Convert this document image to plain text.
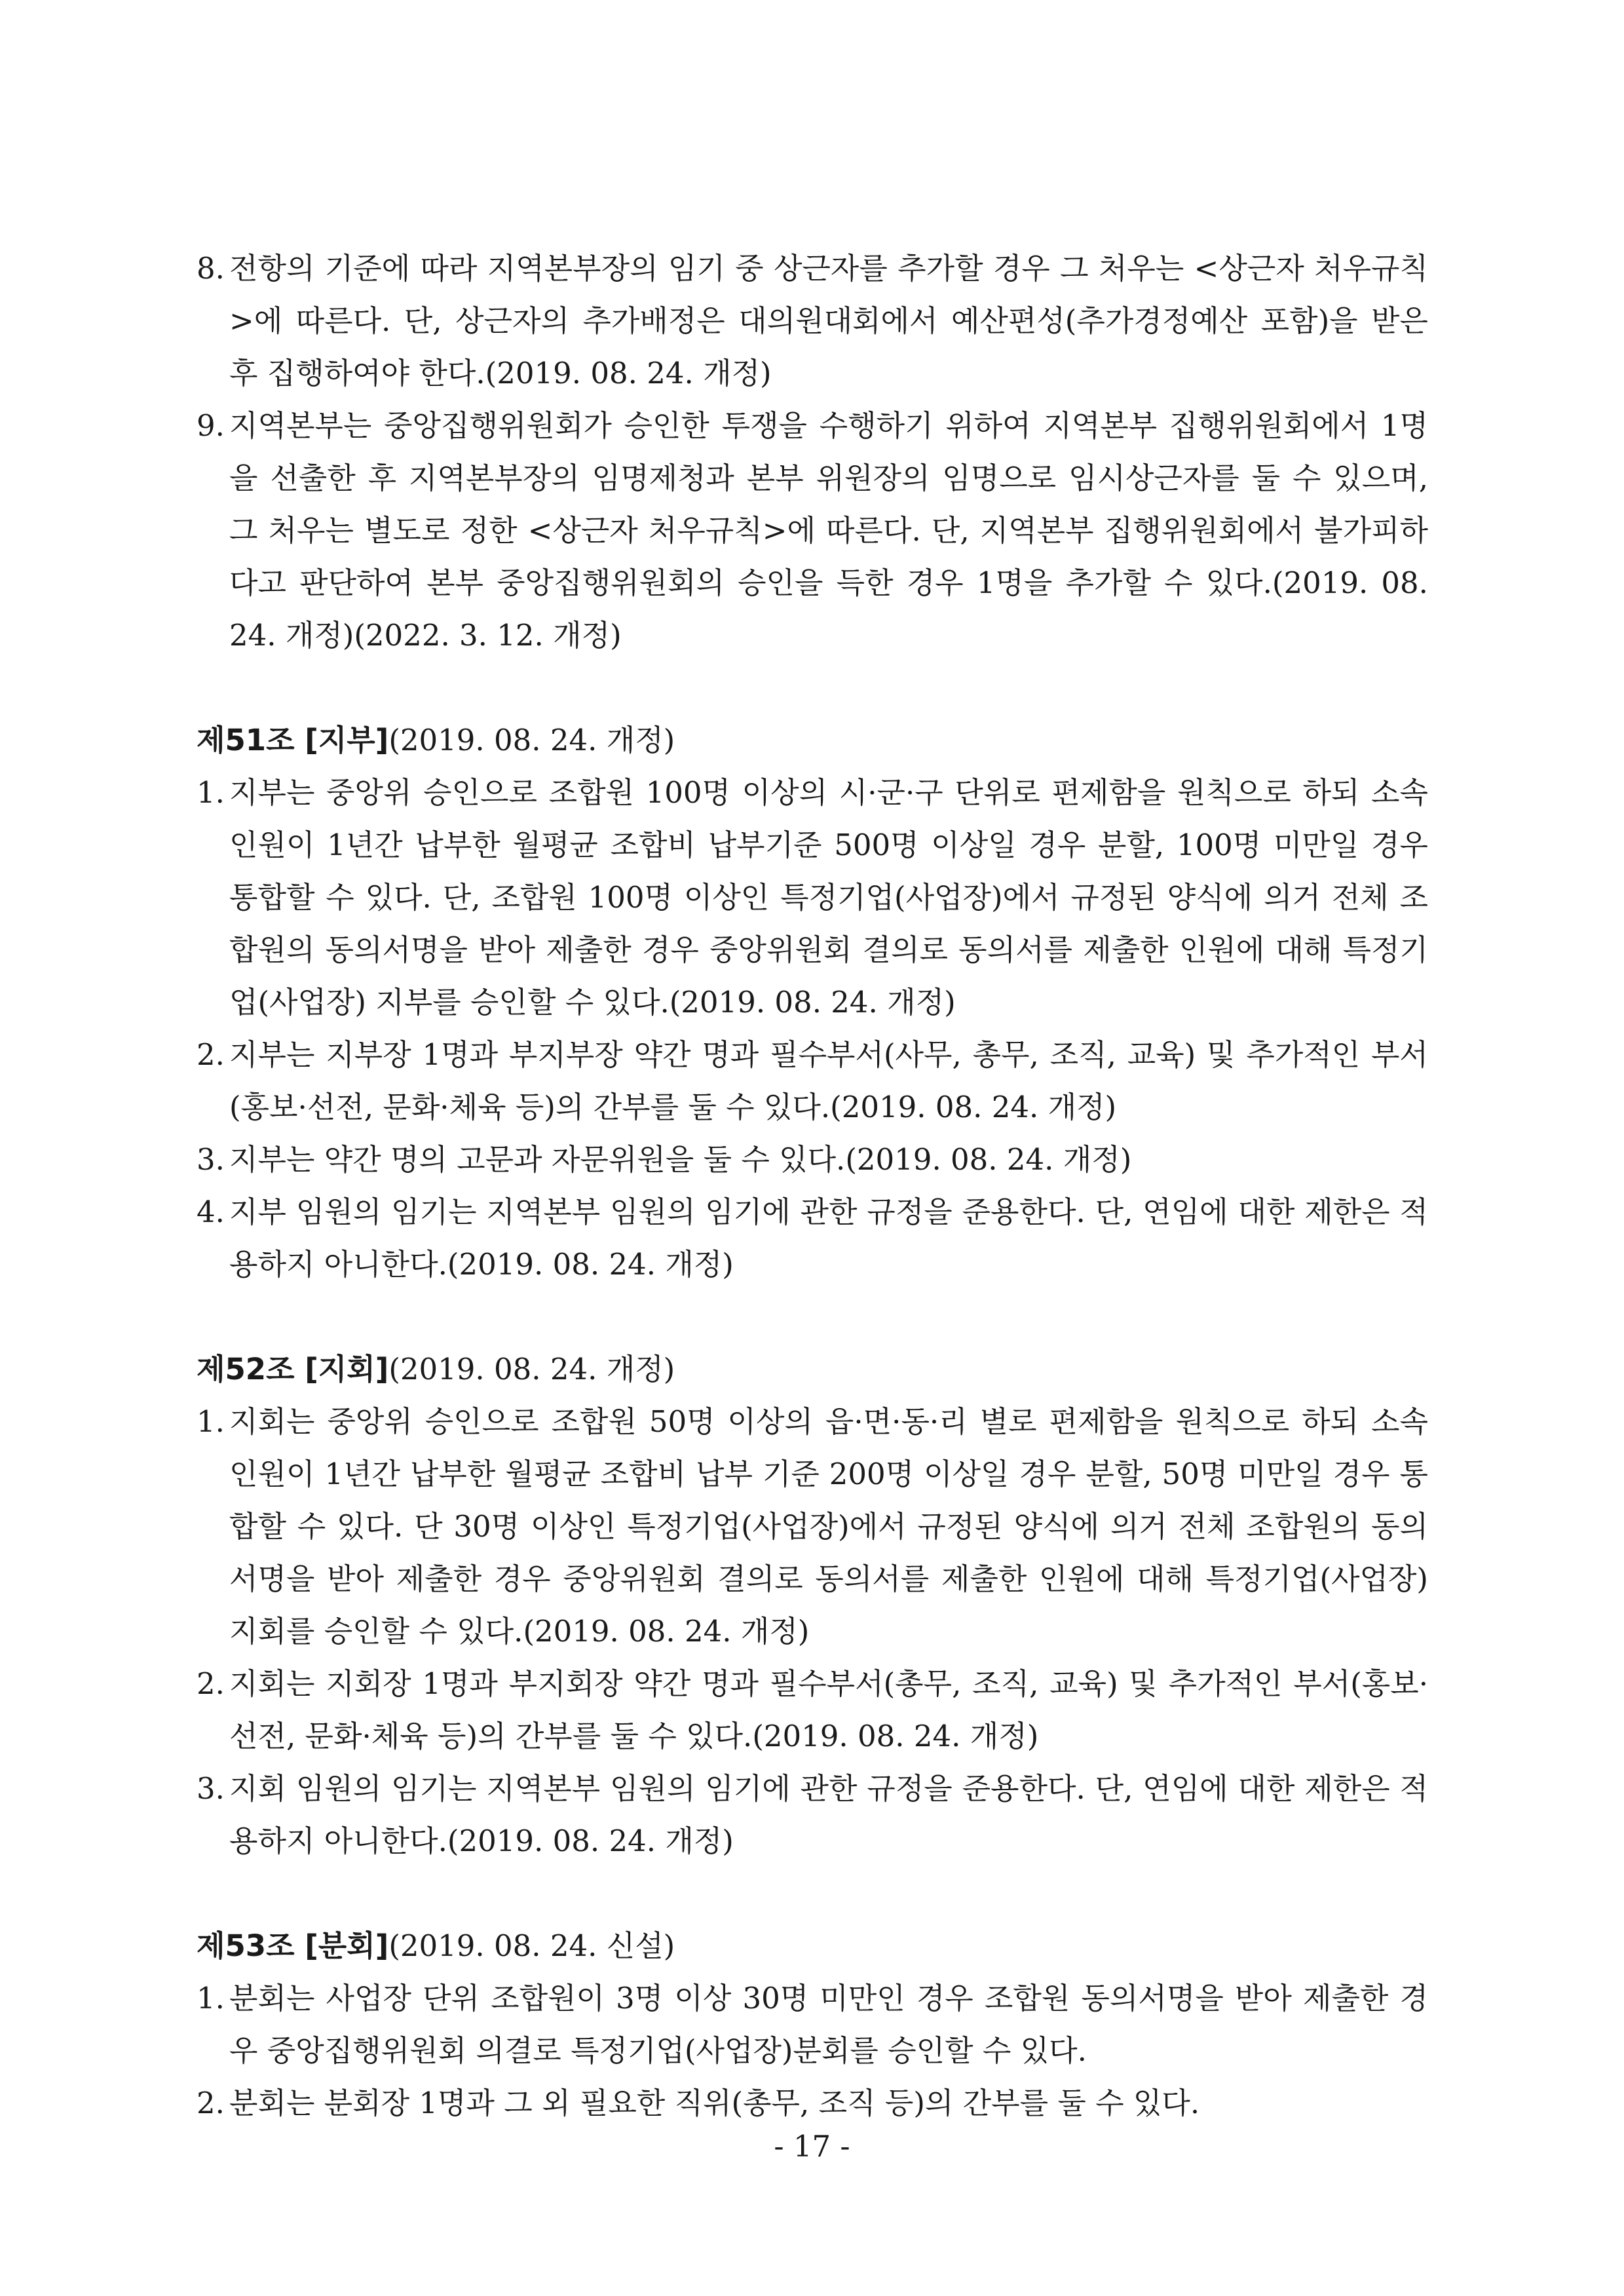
8. 전항의 기준에 따라 지역본부장의 임기 중 상근자를 추가할 경우 그 처우는 <상근자 처우규칙>에 따른다. 단, 상근자의 추가배정은 대의원대회에서 예산편성(추가경정예산 포함)을 받은 후 집행하여야 한다.(2019. 08. 24. 개정)
9. 지역본부는 중앙집행위원회가 승인한 투쟁을 수행하기 위하여 지역본부 집행위원회에서 1명을 선출한 후 지역본부장의 임명제청과 본부 위원장의 임명으로 임시상근자를 둘 수 있으며, 그 처우는 별도로 정한 <상근자 처우규칙>에 따른다. 단, 지역본부 집행위원회에서 불가피하다고 판단하여 본부 중앙집행위원회의 승인을 득한 경우 1명을 추가할 수 있다.(2019. 08. 24. 개정)(2022. 3. 12. 개정)
제51조 [지부](2019. 08. 24. 개정)
1. 지부는 중앙위 승인으로 조합원 100명 이상의 시·군·구 단위로 편제함을 원칙으로 하되 소속 인원이 1년간 납부한 월평균 조합비 납부기준 500명 이상일 경우 분할, 100명 미만일 경우 통합할 수 있다. 단, 조합원 100명 이상인 특정기업(사업장)에서 규정된 양식에 의거 전체 조합원의 동의서명을 받아 제출한 경우 중앙위원회 결의로 동의서를 제출한 인원에 대해 특정기업(사업장) 지부를 승인할 수 있다.(2019. 08. 24. 개정)
2. 지부는 지부장 1명과 부지부장 약간 명과 필수부서(사무, 총무, 조직, 교육) 및 추가적인 부서(홍보·선전, 문화·체육 등)의 간부를 둘 수 있다.(2019. 08. 24. 개정)
3. 지부는 약간 명의 고문과 자문위원을 둘 수 있다.(2019. 08. 24. 개정)
4. 지부 임원의 임기는 지역본부 임원의 임기에 관한 규정을 준용한다. 단, 연임에 대한 제한은 적용하지 아니한다.(2019. 08. 24. 개정)
제52조 [지회](2019. 08. 24. 개정)
1. 지회는 중앙위 승인으로 조합원 50명 이상의 읍·면·동·리 별로 편제함을 원칙으로 하되 소속 인원이 1년간 납부한 월평균 조합비 납부 기준 200명 이상일 경우 분할, 50명 미만일 경우 통합할 수 있다. 단 30명 이상인 특정기업(사업장)에서 규정된 양식에 의거 전체 조합원의 동의서명을 받아 제출한 경우 중앙위원회 결의로 동의서를 제출한 인원에 대해 특정기업(사업장) 지회를 승인할 수 있다.(2019. 08. 24. 개정)
2. 지회는 지회장 1명과 부지회장 약간 명과 필수부서(총무, 조직, 교육) 및 추가적인 부서(홍보·선전, 문화·체육 등)의 간부를 둘 수 있다.(2019. 08. 24. 개정)
3. 지회 임원의 임기는 지역본부 임원의 임기에 관한 규정을 준용한다. 단, 연임에 대한 제한은 적용하지 아니한다.(2019. 08. 24. 개정)
제53조 [분회](2019. 08. 24. 신설)
1. 분회는 사업장 단위 조합원이 3명 이상 30명 미만인 경우 조합원 동의서명을 받아 제출한 경우 중앙집행위원회 의결로 특정기업(사업장)분회를 승인할 수 있다.
2. 분회는 분회장 1명과 그 외 필요한 직위(총무, 조직 등)의 간부를 둘 수 있다.
- 17 -
